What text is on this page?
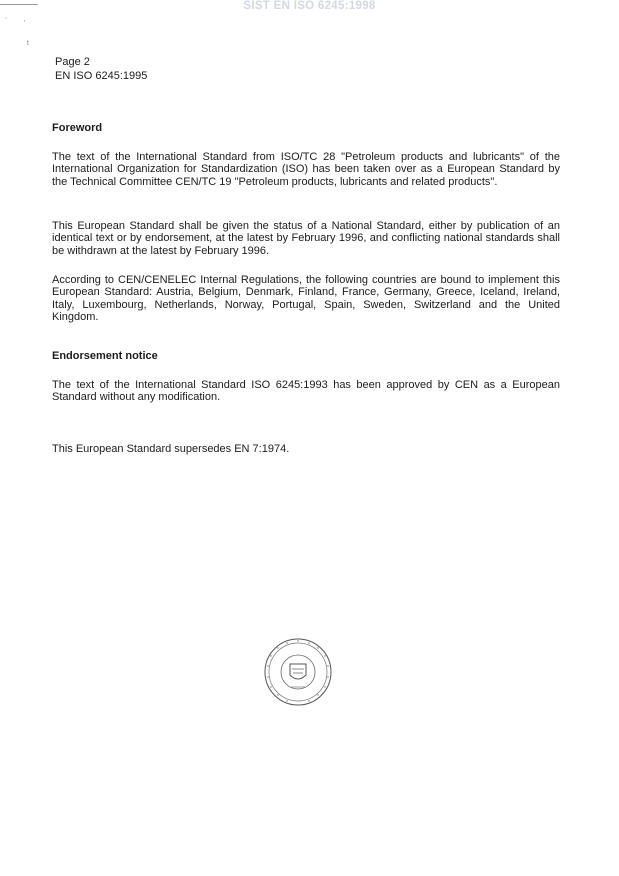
SIST EN ISO 6245:1998
,
'
t
Page 2
EN ISO 6245:1995
Foreword

The text of the International Standard from ISO/TC 28 "Petroleum products and lubricants" of the International Organization for Standardization (ISO) has been taken over as a European Standard by the Technical Committee CEN/TC 19 "Petroleum products, lubricants and related products".

This European Standard shall be given the status of a National Standard, either by publication of an identical text or by endorsement, at the latest by February 1996, and conflicting national standards shall be withdrawn at the latest by February 1996.

According to CEN/CENELEC Internal Regulations, the following countries are bound to implement this European Standard: Austria, Belgium, Denmark, Finland, France, Germany, Greece, Iceland, Ireland, Italy, Luxembourg, Netherlands, Norway, Portugal, Spain, Sweden, Switzerland and the United Kingdom.

Endorsement notice

The text of the International Standard ISO 6245:1993 has been approved by CEN as a European Standard without any modification.

This European Standard supersedes EN 7:1974.
